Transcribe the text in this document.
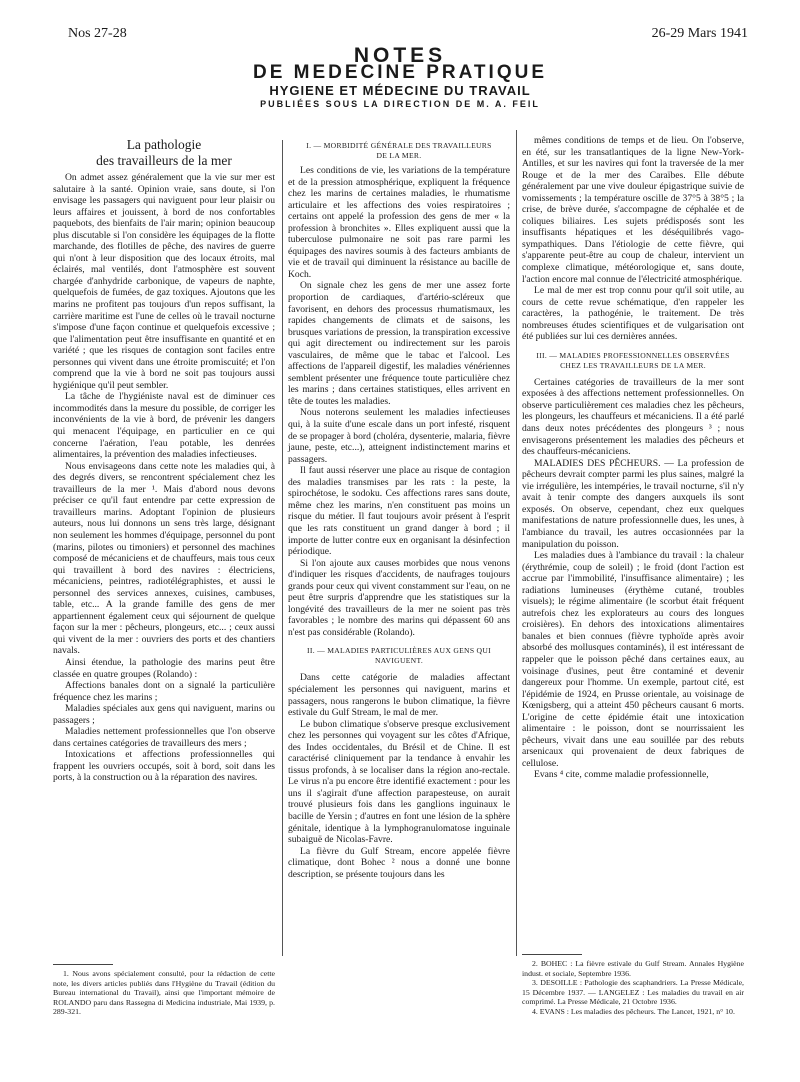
Nos 27-28	26-29 Mars 1941
NOTES
DE MEDECINE PRATIQUE
HYGIENE ET MÉDECINE DU TRAVAIL
PUBLIÉES SOUS LA DIRECTION DE M. A. FEIL
La pathologie
des travailleurs de la mer

On admet assez généralement que la vie sur mer est salutaire à la santé. Opinion vraie, sans doute, si l'on envisage les passagers qui naviguent pour leur plaisir ou leurs affaires et jouissent, à bord de nos confortables paquebots, des bienfaits de l'air marin; opinion beaucoup plus discutable si l'on considère les équipages de la flotte marchande, des flotilles de pêche, des navires de guerre qui n'ont à leur disposition que des locaux étroits, mal éclairés, mal ventilés, dont l'atmosphère est souvent chargée d'anhydride carbonique, de vapeurs de naphte, quelquefois de fumées, de gaz toxiques. Ajoutons que les marins ne profitent pas toujours d'un repos suffisant, la carrière maritime est l'une de celles où le travail nocturne s'impose d'une façon continue et quelquefois excessive ; que l'alimentation peut être insuffisante en quantité et en variété ; que les risques de contagion sont faciles entre personnes qui vivent dans une étroite promiscuité; et l'on comprend que la vie à bord ne soit pas toujours aussi hygiénique qu'il peut sembler.

La tâche de l'hygiéniste naval est de diminuer ces incommodités dans la mesure du possible, de corriger les inconvénients de la vie à bord, de prévenir les dangers qui menacent l'équipage, en particulier en ce qui concerne l'aération, l'eau potable, les denrées alimentaires, la prévention des maladies infectieuses.

Nous envisageons dans cette note les maladies qui, à des degrés divers, se rencontrent spécialement chez les travailleurs de la mer ¹. Mais d'abord nous devons préciser ce qu'il faut entendre par cette expression de travailleurs marins. Adoptant l'opinion de plusieurs auteurs, nous lui donnons un sens très large, désignant non seulement les hommes d'équipage, personnel du pont (marins, pilotes ou timoniers) et personnel des machines composé de mécaniciens et de chauffeurs, mais tous ceux qui travaillent à bord des navires : électriciens, mécaniciens, peintres, radiotélégraphistes, et aussi le personnel des services annexes, cuisines, cambuses, table, etc... A la grande famille des gens de mer appartiennent également ceux qui séjournent de quelque façon sur la mer : pêcheurs, plongeurs, etc... ; ceux aussi qui vivent de la mer : ouvriers des ports et des chantiers navals.

Ainsi étendue, la pathologie des marins peut être classée en quatre groupes (Rolando) :

Affections banales dont on a signalé la particulière fréquence chez les marins ;

Maladies spéciales aux gens qui naviguent, marins ou passagers ;

Maladies nettement professionnelles que l'on observe dans certaines catégories de travailleurs des mers ;

Intoxications et affections professionnelles qui frappent les ouvriers occupés, soit à bord, soit dans les ports, à la construction ou à la réparation des navires.

1. Nous avons spécialement consulté, pour la rédaction de cette note, les divers articles publiés dans l'Hygiène du Travail (édition du Bureau international du Travail), ainsi que l'important mémoire de ROLANDO paru dans Rassegna di Medicina industriale, Mai 1939, p. 289-321.

I. — MORBIDITÉ GÉNÉRALE DES TRAVAILLEURS
DE LA MER.

Les conditions de vie, les variations de la température et de la pression atmosphérique, expliquent la fréquence chez les marins de certaines maladies, le rhumatisme articulaire et les affections des voies respiratoires ; certains ont appelé la profession des gens de mer « la profession à bronchites ». Elles expliquent aussi que la tuberculose pulmonaire ne soit pas rare parmi les équipages des navires soumis à des facteurs ambiants de vie et de travail qui diminuent la résistance au bacille de Koch.

On signale chez les gens de mer une assez forte proportion de cardiaques, d'artério-scléreux que favorisent, en dehors des processus rhumatismaux, les rapides changements de climats et de saisons, les brusques variations de pression, la transpiration excessive qui agit directement ou indirectement sur les parois vasculaires, de même que le tabac et l'alcool. Les affections de l'appareil digestif, les maladies vénériennes semblent présenter une fréquence toute particulière chez les marins ; dans certaines statistiques, elles arrivent en tête de toutes les maladies.

Nous noterons seulement les maladies infectieuses qui, à la suite d'une escale dans un port infesté, risquent de se propager à bord (choléra, dysenterie, malaria, fièvre jaune, peste, etc...), atteignent indistinctement marins et passagers.

Il faut aussi réserver une place au risque de contagion des maladies transmises par les rats : la peste, la spirochétose, le sodoku. Ces affections rares sans doute, même chez les marins, n'en constituent pas moins un risque du métier. Il faut toujours avoir présent à l'esprit que les rats constituent un grand danger à bord ; il importe de lutter contre eux en organisant la désinfection périodique.

Si l'on ajoute aux causes morbides que nous venons d'indiquer les risques d'accidents, de naufrages toujours grands pour ceux qui vivent constamment sur l'eau, on ne peut être surpris d'apprendre que les statistiques sur la longévité des travailleurs de la mer ne soient pas très favorables ; le nombre des marins qui dépassent 60 ans n'est pas considérable (Rolando).

II. — MALADIES PARTICULIÈRES AUX GENS QUI
NAVIGUENT.

Dans cette catégorie de maladies affectant spécialement les personnes qui naviguent, marins et passagers, nous rangerons le bubon climatique, la fièvre estivale du Gulf Stream, le mal de mer.

Le bubon climatique s'observe presque exclusivement chez les personnes qui voyagent sur les côtes d'Afrique, des Indes occidentales, du Brésil et de Chine. Il est caractérisé cliniquement par la tendance à envahir les tissus profonds, à se localiser dans la région ano-rectale. Le virus n'a pu encore être identifié exactement : pour les uns il s'agirait d'une affection parapesteuse, on aurait trouvé plusieurs fois dans les ganglions inguinaux le bacille de Yersin ; d'autres en font une lésion de la sphère génitale, identique à la lymphogranulomatose inguinale subaiguë de Nicolas-Favre.

La fièvre du Gulf Stream, encore appelée fièvre climatique, dont Bohec ² nous a donné une bonne description, se présente toujours dans les

mêmes conditions de temps et de lieu. On l'observe, en été, sur les transatlantiques de la ligne New-York-Antilles, et sur les navires qui font la traversée de la mer Rouge et de la mer des Caraïbes. Elle débute généralement par une vive douleur épigastrique suivie de vomissements ; la température oscille de 37°5 à 38°5 ; la crise, de brève durée, s'accompagne de céphalée et de coliques biliaires. Les sujets prédisposés sont les insuffisants hépatiques et les déséquilibrés vago-sympathiques. Dans l'étiologie de cette fièvre, qui s'apparente peut-être au coup de chaleur, intervient un complexe climatique, météorologique et, sans doute, l'action encore mal connue de l'électricité atmosphérique.

Le mal de mer est trop connu pour qu'il soit utile, au cours de cette revue schématique, d'en rappeler les caractères, la pathogénie, le traitement. De très nombreuses études scientifiques et de vulgarisation ont été publiées sur lui ces dernières années.

III. — MALADIES PROFESSIONNELLES OBSERVÉES
CHEZ LES TRAVAILLEURS DE LA MER.

Certaines catégories de travailleurs de la mer sont exposées à des affections nettement professionnelles. On observe particulièrement ces maladies chez les pêcheurs, les plongeurs, les chauffeurs et mécaniciens. Il a été parlé dans deux notes précédentes des plongeurs ³ ; nous envisagerons présentement les maladies des pêcheurs et des chauffeurs-mécaniciens.

MALADIES DES PÊCHEURS. — La profession de pêcheurs devrait compter parmi les plus saines, malgré la vie irrégulière, les intempéries, le travail nocturne, s'il n'y avait à tenir compte des dangers auxquels ils sont exposés. On observe, cependant, chez eux quelques manifestations de nature professionnelle dues, les unes, à l'ambiance du travail, les autres occasionnées par la manipulation du poisson.

Les maladies dues à l'ambiance du travail : la chaleur (érythrémie, coup de soleil) ; le froid (dont l'action est accrue par l'immobilité, l'insuffisance alimentaire) ; les radiations lumineuses (érythème cutané, troubles visuels); le régime alimentaire (le scorbut était fréquent autrefois chez les explorateurs au cours des longues croisières). En dehors des intoxications alimentaires banales et bien connues (fièvre typhoïde après avoir absorbé des mollusques contaminés), il est intéressant de rappeler que le poisson pêché dans certaines eaux, au voisinage d'usines, peut être contaminé et devenir dangereux pour l'homme. Un exemple, partout cité, est l'épidémie de 1924, en Prusse orientale, au voisinage de Kœnigsberg, qui a atteint 450 pêcheurs causant 6 morts. L'origine de cette épidémie était une intoxication alimentaire : le poisson, dont se nourrissaient les pêcheurs, vivait dans une eau souillée par des rebuts arsenicaux qui provenaient de deux fabriques de cellulose.

Evans ⁴ cite, comme maladie professionnelle,

2. BOHEC : La fièvre estivale du Gulf Stream. Annales Hygiène indust. et sociale, Septembre 1936.

3. DESOILLE : Pathologie des scaphandriers. La Presse Médicale, 15 Décembre 1937. — LANGELEZ : Les maladies du travail en air comprimé. La Presse Médicale, 21 Octobre 1936.

4. EVANS : Les maladies des pêcheurs. The Lancet, 1921, n° 10.
